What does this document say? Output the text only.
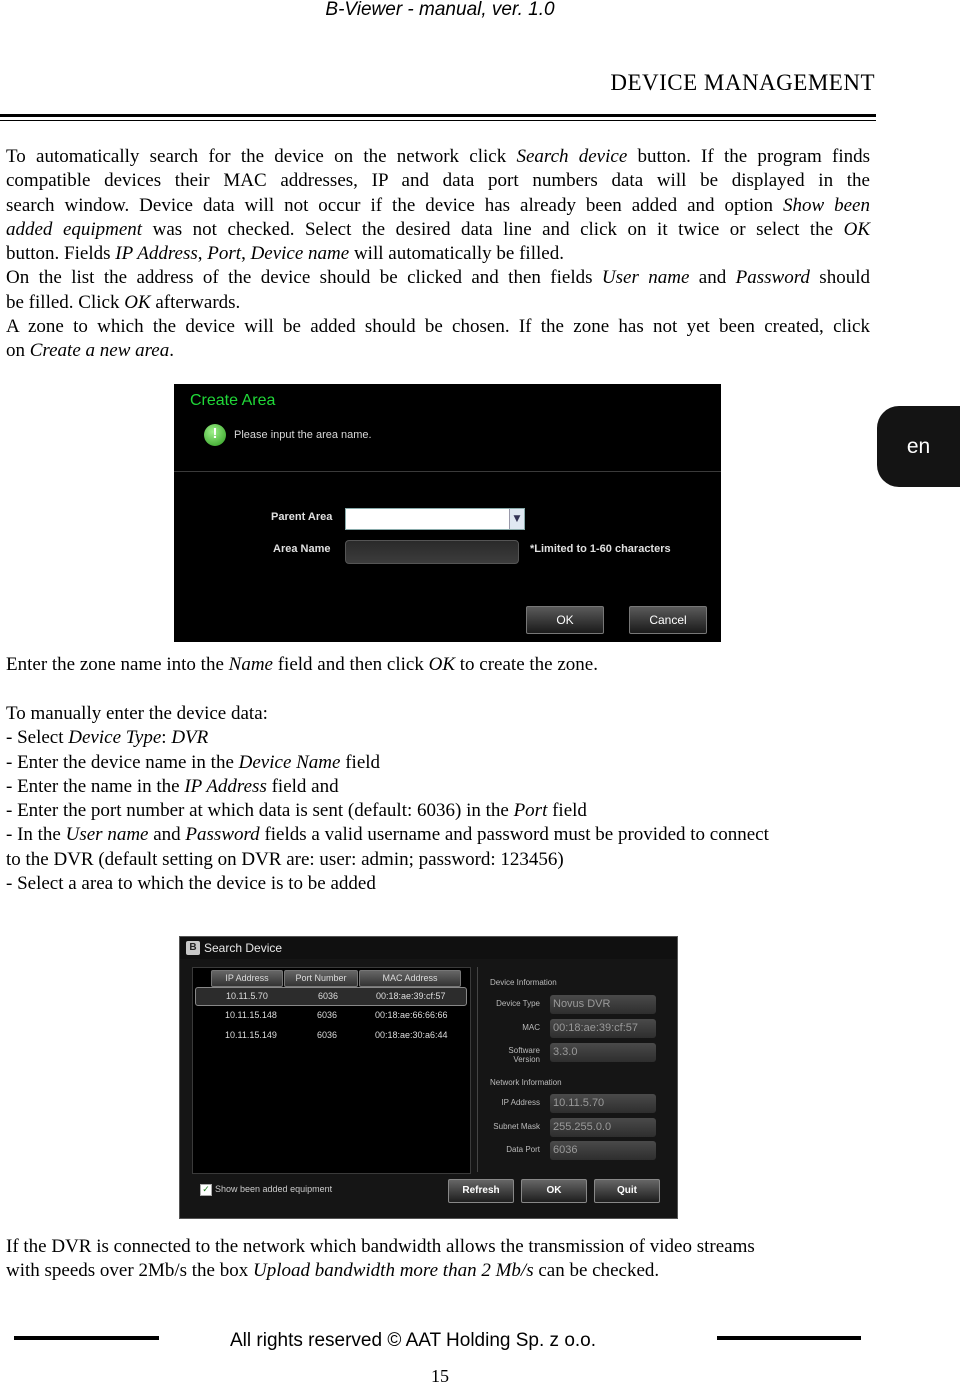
B-Viewer - manual, ver. 1.0
DEVICE MANAGEMENT
To automatically search for the device on the network click Search device button. If the program finds
compatible devices their MAC addresses, IP and data port numbers data will be displayed in the
search window. Device data will not occur if the device has already been added and option Show been
added equipment was not checked. Select the desired data line and click on it twice or select the OK
button. Fields IP Address, Port, Device name will automatically be filled.
On the list the address of the device should be clicked and then fields User name and Password should
be filled. Click OK afterwards.
A zone to which the device will be added should be chosen. If the zone has not yet been created, click
on Create a new area.
en
Create Area
!
Please input the area name.
Parent Area	▼
Area Name	*Limited to 1-60 characters
OK	Cancel
Enter the zone name into the Name field and then click OK to create the zone.
To manually enter the device data:
- Select Device Type: DVR
- Enter the device name in the Device Name field
- Enter the name in the IP Address field and
- Enter the port number at which data is sent (default: 6036) in the Port field
- In the User name and Password fields a valid username and password must be provided to connect
to the DVR (default setting on DVR are: user: admin; password: 123456)
- Select a area to which the device is to be added
B Search Device
IP Address	Port Number	MAC Address
10.11.5.70	6036	00:18:ae:39:cf:57
10.11.15.148	6036	00:18:ae:66:66:66
10.11.15.149	6036	00:18:ae:30:a6:44
Device Information
Device Type Novus DVR
MAC 00:18:ae:39:cf:57
Software
Version
3.3.0
Network Information
IP Address 10.11.5.70
Subnet Mask 255.255.0.0
Data Port 6036
✓ Show been added equipment	Refresh	OK	Quit
If the DVR is connected to the network which bandwidth allows the transmission of video streams
with speeds over 2Mb/s the box Upload bandwidth more than 2 Mb/s can be checked.
All rights reserved © AAT Holding Sp. z o.o.
15
